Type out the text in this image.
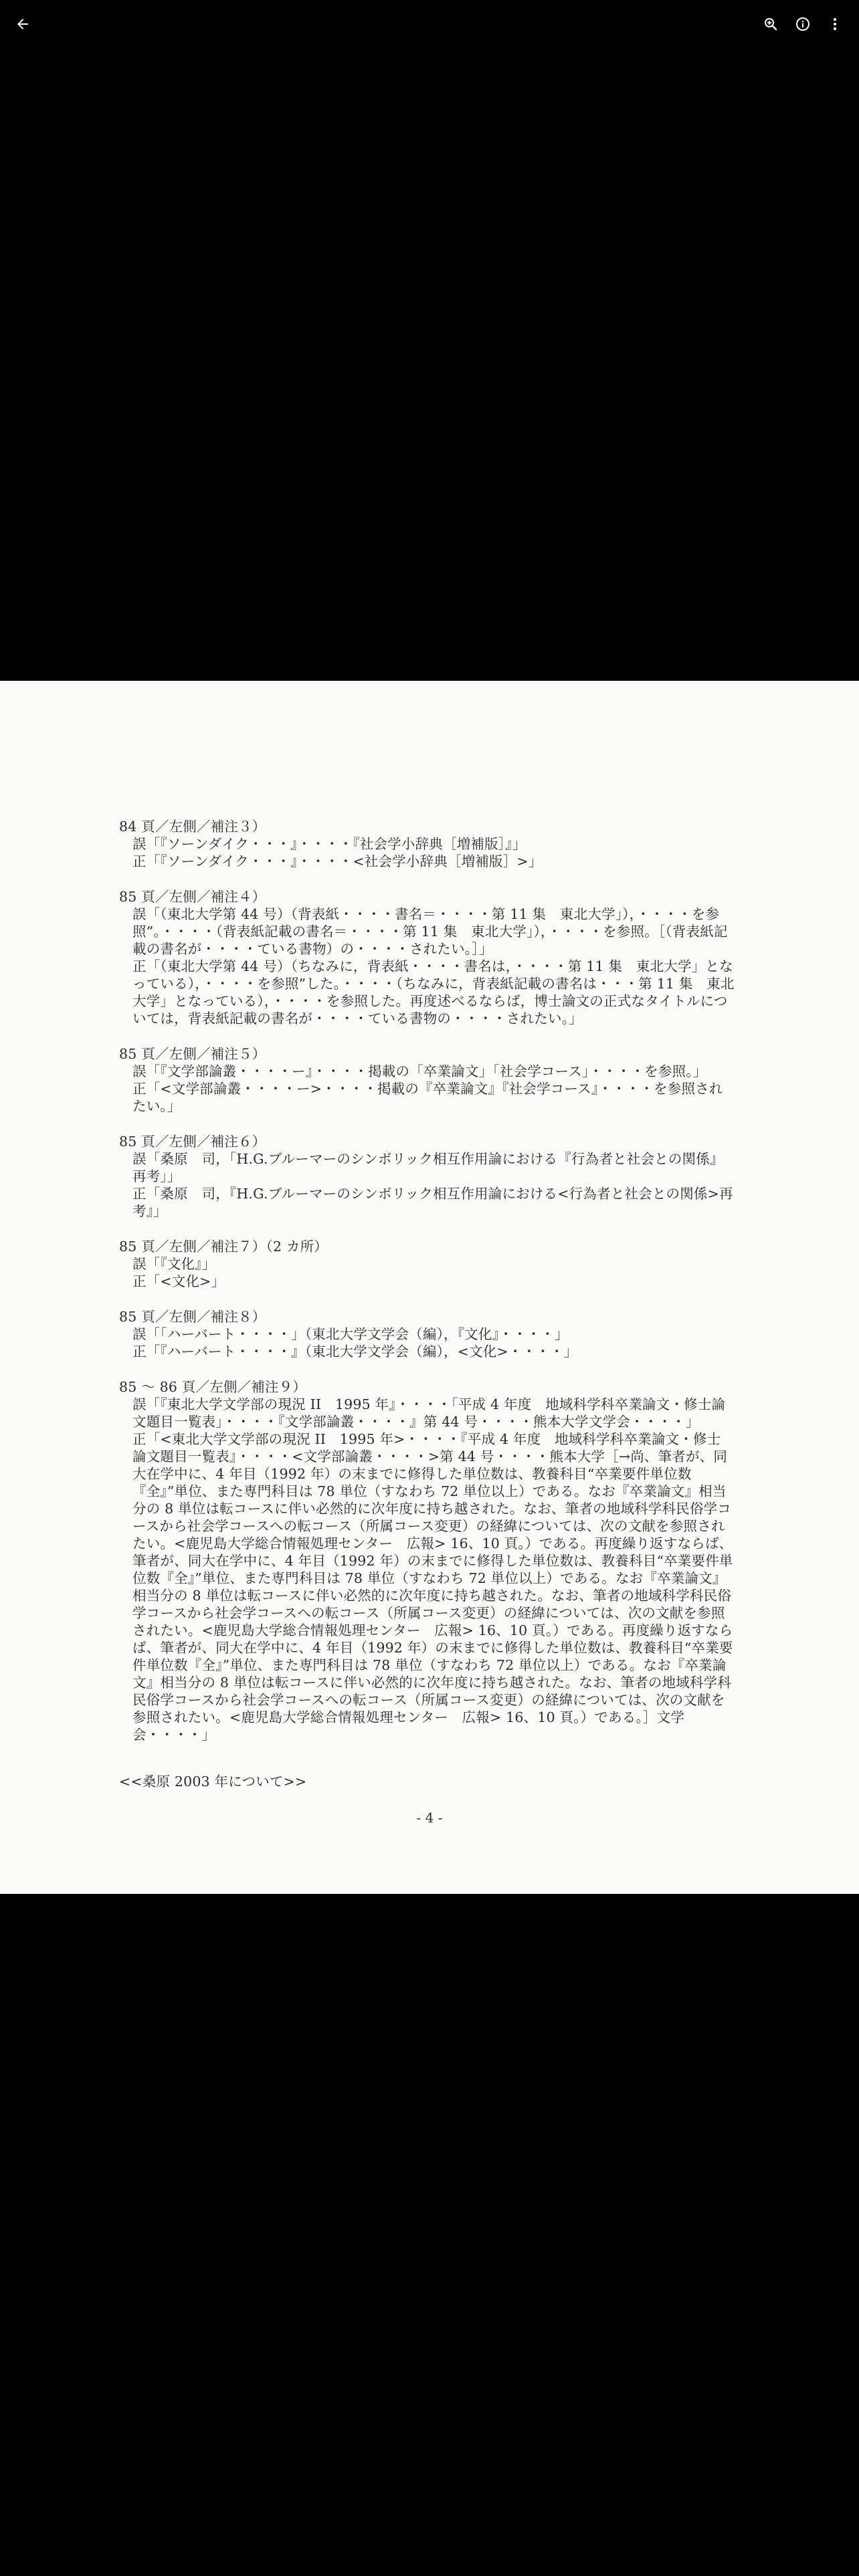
84 頁／左側／補注３）

誤「『ソーンダイク・・・』・・・・『社会学小辞典［増補版］』」

正「『ソーンダイク・・・』・・・・<社会学小辞典［増補版］>」

85 頁／左側／補注４）

誤「（東北大学第 44 号）（背表紙・・・・書名＝・・・・第 11 集　東北大学」），・・・・を参照”。・・・・（背表紙記載の書名＝・・・・第 11 集　東北大学」），・・・・を参照。［（背表紙記載の書名が・・・・ている書物）の・・・・されたい。］」

正「（東北大学第 44 号）（ちなみに，背表紙・・・・書名は，・・・・第 11 集　東北大学」となっている），・・・・を参照”した。・・・・（ちなみに，背表紙記載の書名は・・・第 11 集　東北大学」となっている），・・・・を参照した。再度述べるならば，博士論文の正式なタイトルについては，背表紙記載の書名が・・・・ている書物の・・・・されたい。」

85 頁／左側／補注５）

誤「『文学部論叢・・・・ー』・・・・掲載の「卒業論文」「社会学コース」・・・・を参照。」

正「<文学部論叢・・・・ー>・・・・掲載の『卒業論文』『社会学コース』・・・・を参照されたい。」

85 頁／左側／補注６）

誤「桑原　司，「H.G.ブルーマーのシンボリック相互作用論における『行為者と社会との関係』再考」」

正「桑原　司，『H.G.ブルーマーのシンボリック相互作用論における<行為者と社会との関係>再考』」

85 頁／左側／補注７）（2 カ所）

誤「『文化』」

正「<文化>」

85 頁／左側／補注８）

誤「「ハーバート・・・・」（東北大学文学会（編），『文化』・・・・」

正「『ハーバート・・・・』（東北大学文学会（編），<文化>・・・・」

85 ～ 86 頁／左側／補注９）

誤「『東北大学文学部の現況 II　1995 年』・・・・「平成 4 年度　地域科学科卒業論文・修士論文題目一覧表」・・・・『文学部論叢・・・・』第 44 号・・・・熊本大学文学会・・・・」

正「<東北大学文学部の現況 II　1995 年>・・・・『平成 4 年度　地域科学科卒業論文・修士論文題目一覧表』・・・・<文学部論叢・・・・>第 44 号・・・・熊本大学［→尚、筆者が、同大在学中に、4 年目（1992 年）の末までに修得した単位数は、教養科目“卒業要件単位数『全』”単位、また専門科目は 78 単位（すなわち 72 単位以上）である。なお『卒業論文』相当分の 8 単位は転コースに伴い必然的に次年度に持ち越された。なお、筆者の地域科学科民俗学コースから社会学コースへの転コース（所属コース変更）の経緯については、次の文献を参照されたい。<鹿児島大学総合情報処理センター　広報> 16、10 頁。）である。再度繰り返すならば、筆者が、同大在学中に、4 年目（1992 年）の末までに修得した単位数は、教養科目“卒業要件単位数『全』”単位、また専門科目は 78 単位（すなわち 72 単位以上）である。なお『卒業論文』相当分の 8 単位は転コースに伴い必然的に次年度に持ち越された。なお、筆者の地域科学科民俗学コースから社会学コースへの転コース（所属コース変更）の経緯については、次の文献を参照されたい。<鹿児島大学総合情報処理センター　広報> 16、10 頁。）である。再度繰り返すならば、筆者が、同大在学中に、4 年目（1992 年）の末までに修得した単位数は、教養科目“卒業要件単位数『全』”単位、また専門科目は 78 単位（すなわち 72 単位以上）である。なお『卒業論文』相当分の 8 単位は転コースに伴い必然的に次年度に持ち越された。なお、筆者の地域科学科民俗学コースから社会学コースへの転コース（所属コース変更）の経緯については、次の文献を参照されたい。<鹿児島大学総合情報処理センター　広報> 16、10 頁。）である。］文学会・・・・」

<<桑原 2003 年について>>

- 4 -
